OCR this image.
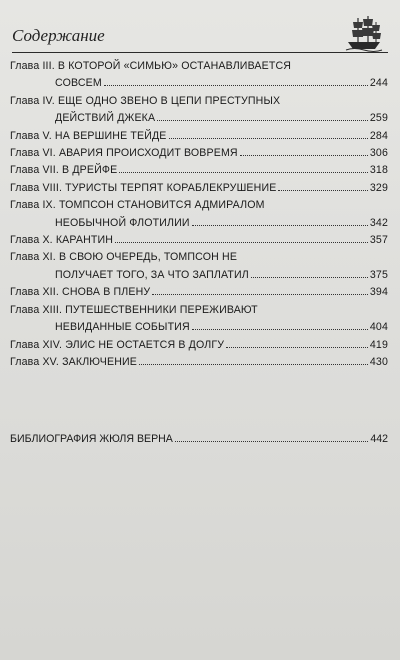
Содержание
Глава III. В КОТОРОЙ «СИМЬЮ» ОСТАНАВЛИВАЕТСЯ
СОВСЕМ	244
Глава IV. ЕЩЕ ОДНО ЗВЕНО В ЦЕПИ ПРЕСТУПНЫХ
ДЕЙСТВИЙ ДЖЕКА	259
Глава V. НА ВЕРШИНЕ ТЕЙДЕ	284
Глава VI. АВАРИЯ ПРОИСХОДИТ ВОВРЕМЯ	306
Глава VII. В ДРЕЙФЕ	318
Глава VIII. ТУРИСТЫ ТЕРПЯТ КОРАБЛЕКРУШЕНИЕ	329
Глава IX. ТОМПСОН СТАНОВИТСЯ АДМИРАЛОМ
НЕОБЫЧНОЙ ФЛОТИЛИИ	342
Глава X. КАРАНТИН	357
Глава XI. В СВОЮ ОЧЕРЕДЬ, ТОМПСОН НЕ
ПОЛУЧАЕТ ТОГО, ЗА ЧТО ЗАПЛАТИЛ	375
Глава XII. СНОВА В ПЛЕНУ	394
Глава XIII. ПУТЕШЕСТВЕННИКИ ПЕРЕЖИВАЮТ
НЕВИДАННЫЕ СОБЫТИЯ	404
Глава XIV. ЭЛИС НЕ ОСТАЕТСЯ В ДОЛГУ	419
Глава XV. ЗАКЛЮЧЕНИЕ	430
БИБЛИОГРАФИЯ ЖЮЛЯ ВЕРНА	442
